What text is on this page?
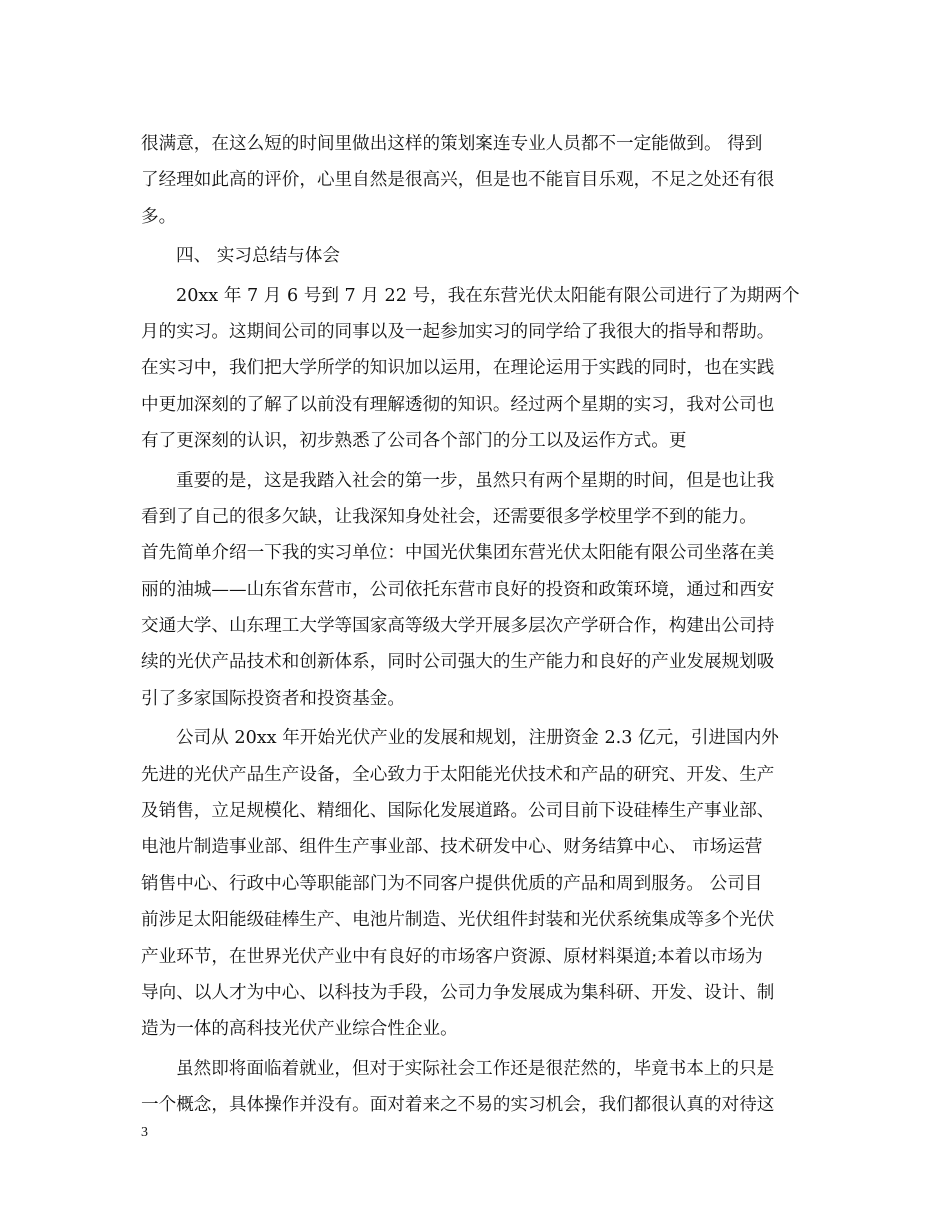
很满意，在这么短的时间里做出这样的策划案连专业人员都不一定能做到。 得到
了经理如此高的评价，心里自然是很高兴，但是也不能盲目乐观，不足之处还有很
多。
四、 实习总结与体会
20xx 年 7 月 6 号到 7 月 22 号，我在东营光伏太阳能有限公司进行了为期两个
月的实习。这期间公司的同事以及一起参加实习的同学给了我很大的指导和帮助。
在实习中，我们把大学所学的知识加以运用，在理论运用于实践的同时，也在实践
中更加深刻的了解了以前没有理解透彻的知识。经过两个星期的实习，我对公司也
有了更深刻的认识，初步熟悉了公司各个部门的分工以及运作方式。更
重要的是，这是我踏入社会的第一步，虽然只有两个星期的时间，但是也让我
看到了自己的很多欠缺，让我深知身处社会，还需要很多学校里学不到的能力。
首先简单介绍一下我的实习单位：中国光伏集团东营光伏太阳能有限公司坐落在美
丽的油城——山东省东营市，公司依托东营市良好的投资和政策环境，通过和西安
交通大学、山东理工大学等国家高等级大学开展多层次产学研合作，构建出公司持
续的光伏产品技术和创新体系，同时公司强大的生产能力和良好的产业发展规划吸
引了多家国际投资者和投资基金。
公司从 20xx 年开始光伏产业的发展和规划，注册资金 2.3 亿元，引进国内外
先进的光伏产品生产设备，全心致力于太阳能光伏技术和产品的研究、开发、生产
及销售，立足规模化、精细化、国际化发展道路。公司目前下设硅棒生产事业部、
电池片制造事业部、组件生产事业部、技术研发中心、财务结算中心、 市场运营
销售中心、行政中心等职能部门为不同客户提供优质的产品和周到服务。 公司目
前涉足太阳能级硅棒生产、电池片制造、光伏组件封装和光伏系统集成等多个光伏
产业环节，在世界光伏产业中有良好的市场客户资源、原材料渠道;本着以市场为
导向、以人才为中心、以科技为手段，公司力争发展成为集科研、开发、设计、制
造为一体的高科技光伏产业综合性企业。
虽然即将面临着就业，但对于实际社会工作还是很茫然的，毕竟书本上的只是
一个概念，具体操作并没有。面对着来之不易的实习机会，我们都很认真的对待这
3
